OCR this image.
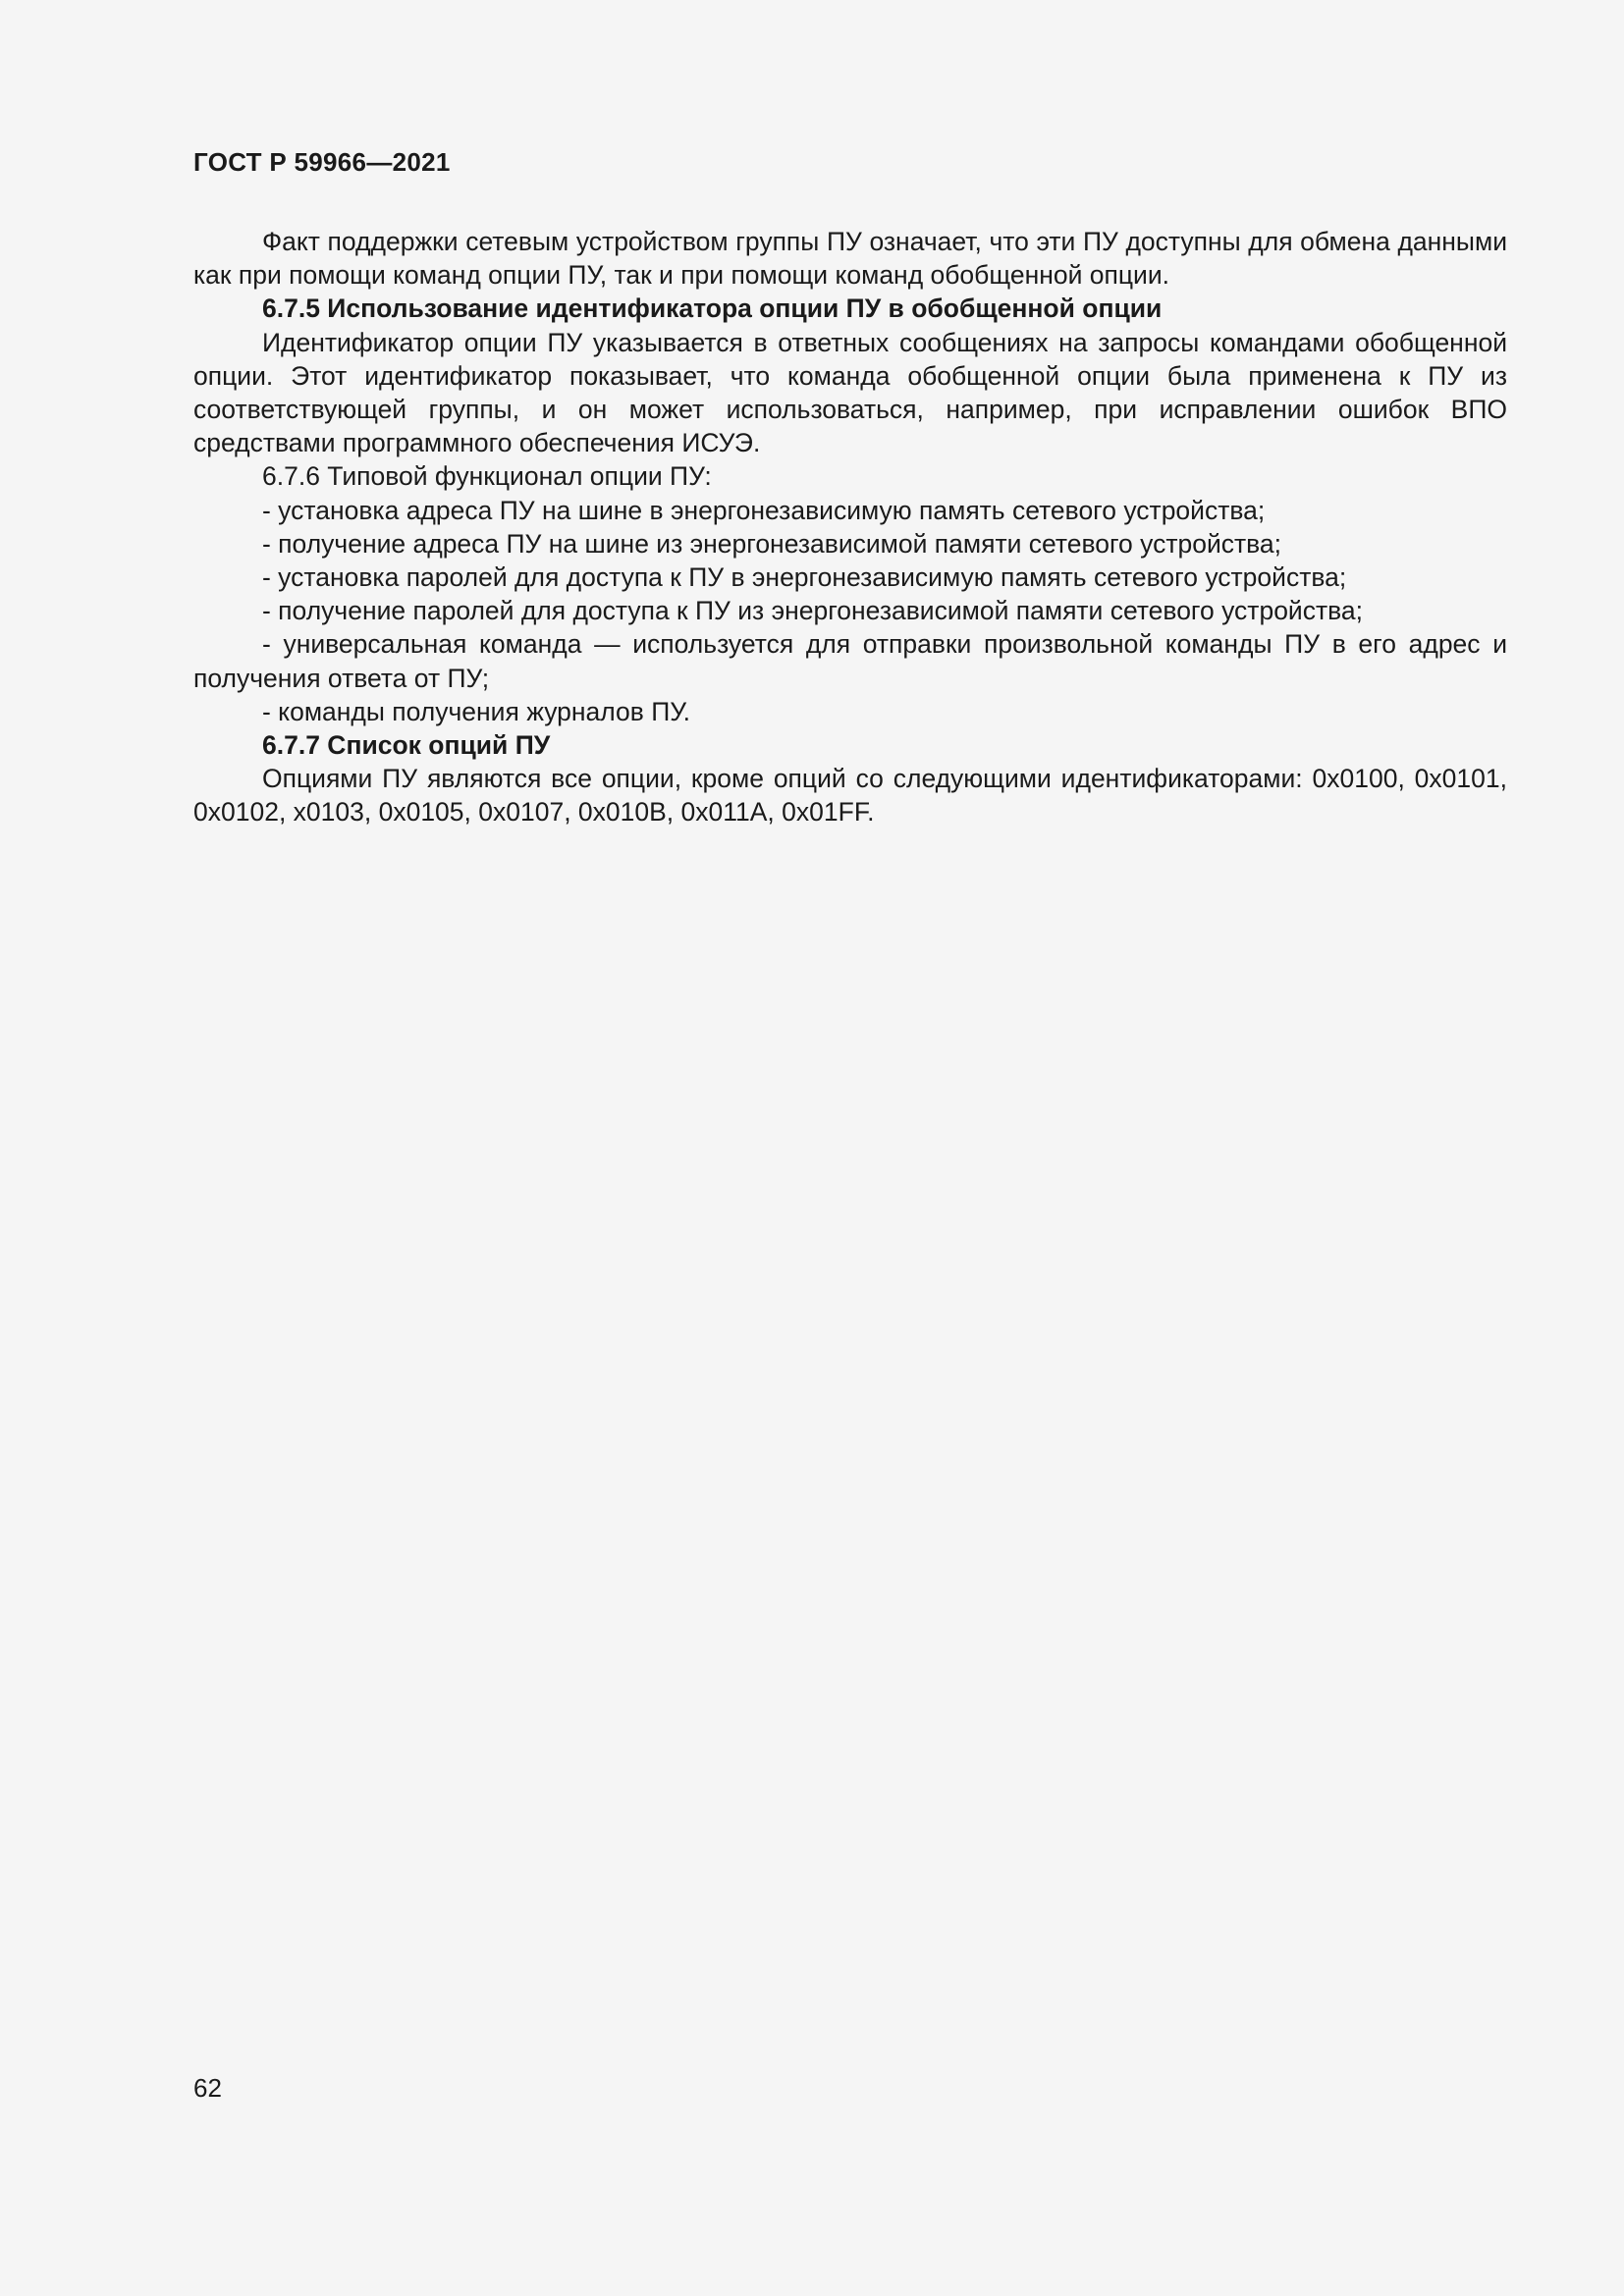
ГОСТ Р 59966—2021

Факт поддержки сетевым устройством группы ПУ означает, что эти ПУ доступны для обмена данными как при помощи команд опции ПУ, так и при помощи команд обобщенной опции.

6.7.5 Использование идентификатора опции ПУ в обобщенной опции

Идентификатор опции ПУ указывается в ответных сообщениях на запросы командами обобщенной опции. Этот идентификатор показывает, что команда обобщенной опции была применена к ПУ из соответствующей группы, и он может использоваться, например, при исправлении ошибок ВПО средствами программного обеспечения ИСУЭ.

6.7.6 Типовой функционал опции ПУ:

- установка адреса ПУ на шине в энергонезависимую память сетевого устройства;

- получение адреса ПУ на шине из энергонезависимой памяти сетевого устройства;

- установка паролей для доступа к ПУ в энергонезависимую память сетевого устройства;

- получение паролей для доступа к ПУ из энергонезависимой памяти сетевого устройства;

- универсальная команда — используется для отправки произвольной команды ПУ в его адрес и получения ответа от ПУ;

- команды получения журналов ПУ.

6.7.7 Список опций ПУ

Опциями ПУ являются все опции, кроме опций со следующими идентификаторами: 0x0100, 0x0101, 0x0102, x0103, 0x0105, 0x0107, 0x010B, 0x011A, 0x01FF.

62
